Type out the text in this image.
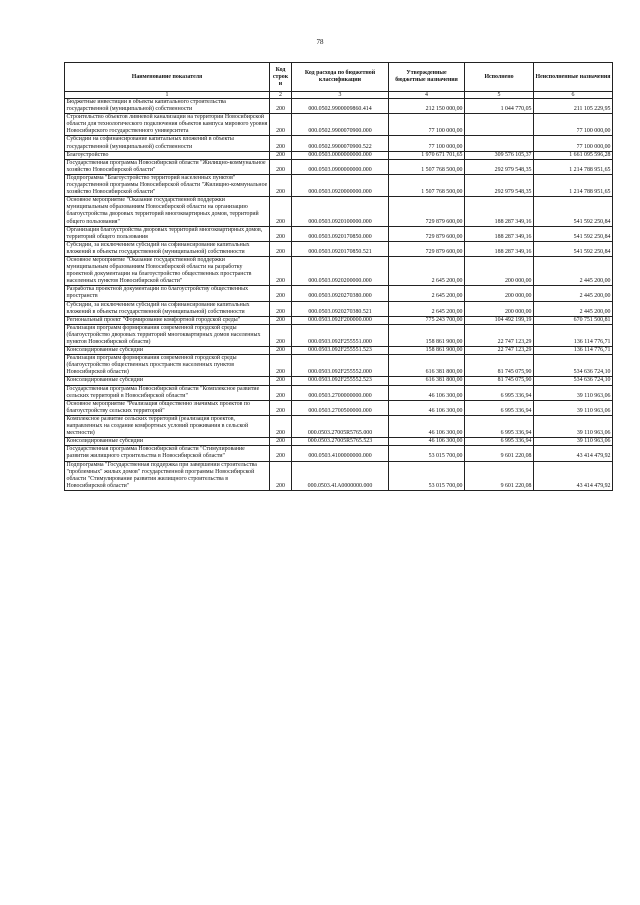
78
Наименование показателя	Код строки	Код расхода по бюджетной классификации	Утвержденные бюджетные назначения	Исполнено	Неисполненные назначения
1	2	3	4	5	6
Бюджетные инвестиции в объекты капитального строительства государственной (муниципальной) собственности	200	000.0502.9900009860.414	212 150 000,00	1 044 770,05	211 105 229,95
Строительство объектов ливневой канализации на территории Новосибирской области для технологического подключения объектов кампуса мирового уровня Новосибирского государственного университета	200	000.0502.9900070900.000	77 100 000,00		77 100 000,00
Субсидии на софинансирование капитальных вложений в объекты государственной (муниципальной) собственности	200	000.0502.9900070900.522	77 100 000,00		77 100 000,00
Благоустройство	200	000.0503.0000000000.000	1 970 671 701,65	309 576 105,37	1 661 095 596,28
Государственная программа Новосибирской области "Жилищно-коммунальное хозяйство Новосибирской области"	200	000.0503.0900000000.000	1 507 768 500,00	292 979 548,35	1 214 788 951,65
Подпрограмма "Благоустройство территорий населенных пунктов" государственной программы Новосибирской области "Жилищно-коммунальное хозяйство Новосибирской области"	200	000.0503.0920000000.000	1 507 768 500,00	292 979 548,35	1 214 788 951,65
Основное мероприятие "Оказание государственной поддержки муниципальным образованиям Новосибирской области на организацию благоустройства дворовых территорий многоквартирных домов, территорий общего пользования"	200	000.0503.0920100000.000	729 879 600,00	188 287 349,16	541 592 250,84
Организация благоустройства дворовых территорий многоквартирных домов, территорий общего пользования	200	000.0503.0920170850.000	729 879 600,00	188 287 349,16	541 592 250,84
Субсидии, за исключением субсидий на софинансирование капитальных вложений в объекты государственной (муниципальной) собственности	200	000.0503.0920170850.521	729 879 600,00	188 287 349,16	541 592 250,84
Основное мероприятие "Оказание государственной поддержки муниципальным образованиям Новосибирской области на разработку проектной документации на благоустройство общественных пространств населенных пунктов Новосибирской области"	200	000.0503.0920200000.000	2 645 200,00	200 000,00	2 445 200,00
Разработка проектной документации по благоустройству общественных пространств	200	000.0503.0920270380.000	2 645 200,00	200 000,00	2 445 200,00
Субсидии, за исключением субсидий на софинансирование капитальных вложений в объекты государственной (муниципальной) собственности	200	000.0503.0920270380.521	2 645 200,00	200 000,00	2 445 200,00
Региональный проект "Формирование комфортной городской среды"	200	000.0503.092F200000.000	775 243 700,00	104 492 199,19	670 751 500,81
Реализация программ формирования современной городской среды (благоустройство дворовых территорий многоквартирных домов населенных пунктов Новосибирской области)	200	000.0503.092F255551.000	158 861 900,00	22 747 123,29	136 114 776,71
Консолидированные субсидии	200	000.0503.092F255551.523	158 861 900,00	22 747 123,29	136 114 776,71
Реализация программ формирования современной городской среды (благоустройство общественных пространств населенных пунктов Новосибирской области)	200	000.0503.092F255552.000	616 381 800,00	81 745 075,90	534 636 724,10
Консолидированные субсидии	200	000.0503.092F255552.523	616 381 800,00	81 745 075,90	534 636 724,10
Государственная программа Новосибирской области "Комплексное развитие сельских территорий в Новосибирской области"	200	000.0503.2700000000.000	46 106 300,00	6 995 336,94	39 110 963,06
Основное мероприятие "Реализация общественно значимых проектов по благоустройству сельских территорий"	200	000.0503.2700500000.000	46 106 300,00	6 995 336,94	39 110 963,06
Комплексное развитие сельских территорий (реализация проектов, направленных на создание комфортных условий проживания в сельской местности)	200	000.0503.27005R5765.000	46 106 300,00	6 995 336,94	39 110 963,06
Консолидированные субсидии	200	000.0503.27005R5765.523	46 106 300,00	6 995 336,94	39 110 963,06
Государственная программа Новосибирской области "Стимулирование развития жилищного строительства в Новосибирской области"	200	000.0503.4100000000.000	53 015 700,00	9 601 220,08	43 414 479,92
Подпрограмма "Государственная поддержка при завершении строительства "проблемных" жилых домов" государственной программы Новосибирской области "Стимулирование развития жилищного строительства в Новосибирской области"	200	000.0503.41А0000000.000	53 015 700,00	9 601 220,08	43 414 479,92
